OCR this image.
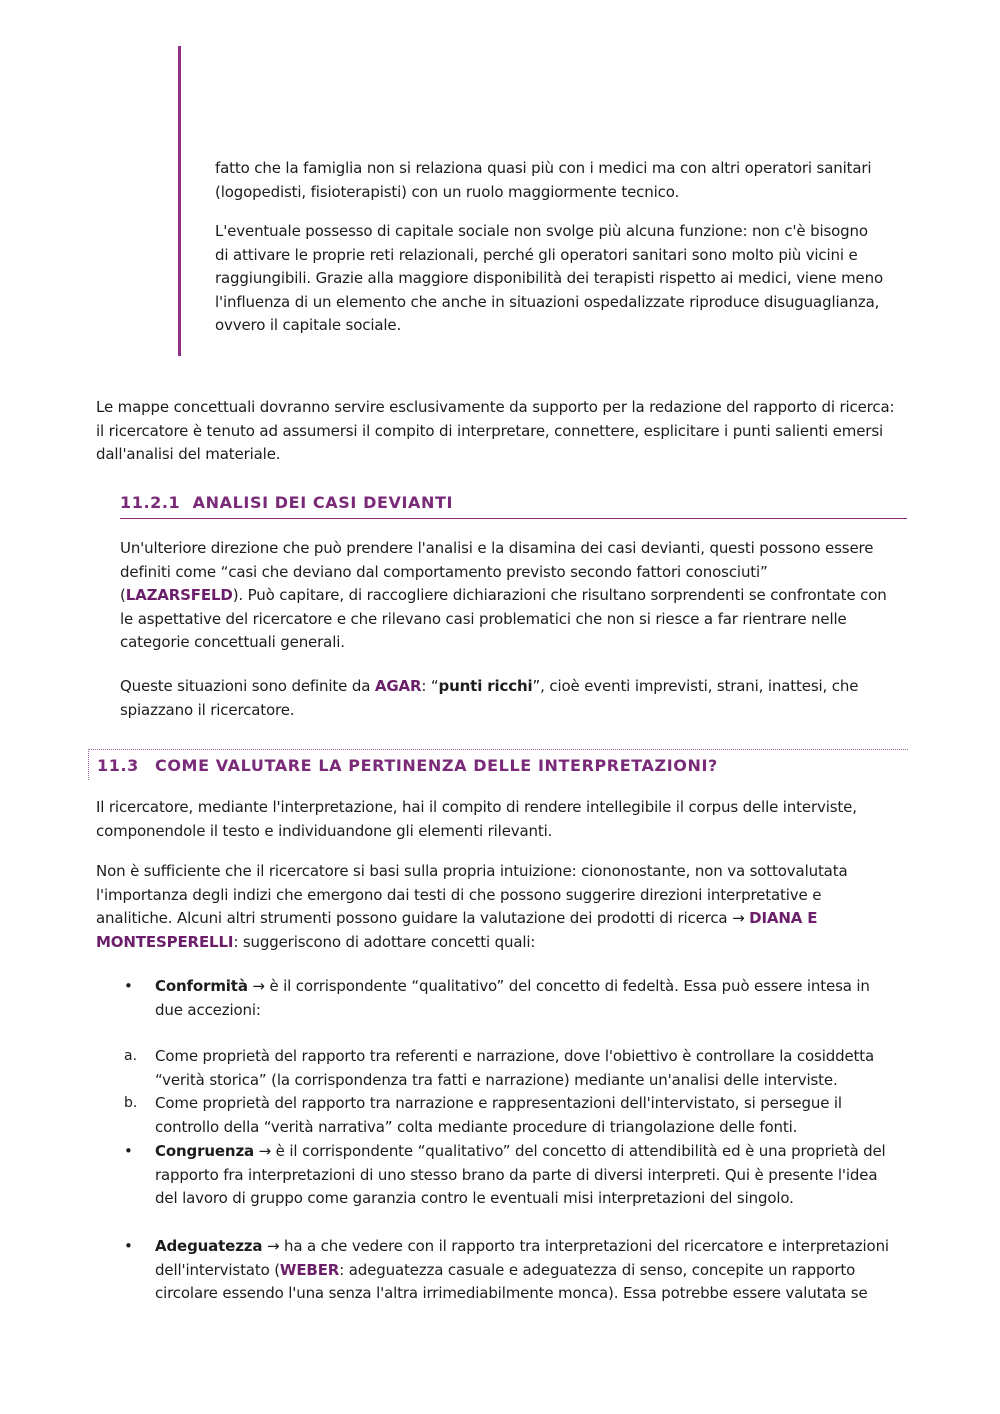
fatto che la famiglia non si relaziona quasi più con i medici ma con altri operatori sanitari (logopedisti, fisioterapisti) con un ruolo maggiormente tecnico.

L'eventuale possesso di capitale sociale non svolge più alcuna funzione: non c'è bisogno di attivare le proprie reti relazionali, perché gli operatori sanitari sono molto più vicini e raggiungibili. Grazie alla maggiore disponibilità dei terapisti rispetto ai medici, viene meno l'influenza di un elemento che anche in situazioni ospedalizzate riproduce disuguaglianza, ovvero il capitale sociale.

Le mappe concettuali dovranno servire esclusivamente da supporto per la redazione del rapporto di ricerca: il ricercatore è tenuto ad assumersi il compito di interpretare, connettere, esplicitare i punti salienti emersi dall'analisi del materiale.

11.2.1 ANALISI DEI CASI DEVIANTI

Un'ulteriore direzione che può prendere l'analisi e la disamina dei casi devianti, questi possono essere definiti come “casi che deviano dal comportamento previsto secondo fattori conosciuti” (LAZARSFELD). Può capitare, di raccogliere dichiarazioni che risultano sorprendenti se confrontate con le aspettative del ricercatore e che rilevano casi problematici che non si riesce a far rientrare nelle categorie concettuali generali.

Queste situazioni sono definite da AGAR: “punti ricchi”, cioè eventi imprevisti, strani, inattesi, che spiazzano il ricercatore.

11.3 COME VALUTARE LA PERTINENZA DELLE INTERPRETAZIONI?

Il ricercatore, mediante l'interpretazione, hai il compito di rendere intellegibile il corpus delle interviste, componendole il testo e individuandone gli elementi rilevanti.

Non è sufficiente che il ricercatore si basi sulla propria intuizione: ciononostante, non va sottovalutata l'importanza degli indizi che emergono dai testi di che possono suggerire direzioni interpretative e analitiche. Alcuni altri strumenti possono guidare la valutazione dei prodotti di ricerca → DIANA E MONTESPERELLI: suggeriscono di adottare concetti quali:

• Conformità → è il corrispondente “qualitativo” del concetto di fedeltà. Essa può essere intesa in due accezioni:

a. Come proprietà del rapporto tra referenti e narrazione, dove l'obiettivo è controllare la cosiddetta “verità storica” (la corrispondenza tra fatti e narrazione) mediante un'analisi delle interviste.

b. Come proprietà del rapporto tra narrazione e rappresentazioni dell'intervistato, si persegue il controllo della “verità narrativa” colta mediante procedure di triangolazione delle fonti.

• Congruenza → è il corrispondente “qualitativo” del concetto di attendibilità ed è una proprietà del rapporto fra interpretazioni di uno stesso brano da parte di diversi interpreti. Qui è presente l'idea del lavoro di gruppo come garanzia contro le eventuali misi interpretazioni del singolo.

• Adeguatezza → ha a che vedere con il rapporto tra interpretazioni del ricercatore e interpretazioni dell'intervistato (WEBER: adeguatezza casuale e adeguatezza di senso, concepite un rapporto circolare essendo l'una senza l'altra irrimediabilmente monca). Essa potrebbe essere valutata se
